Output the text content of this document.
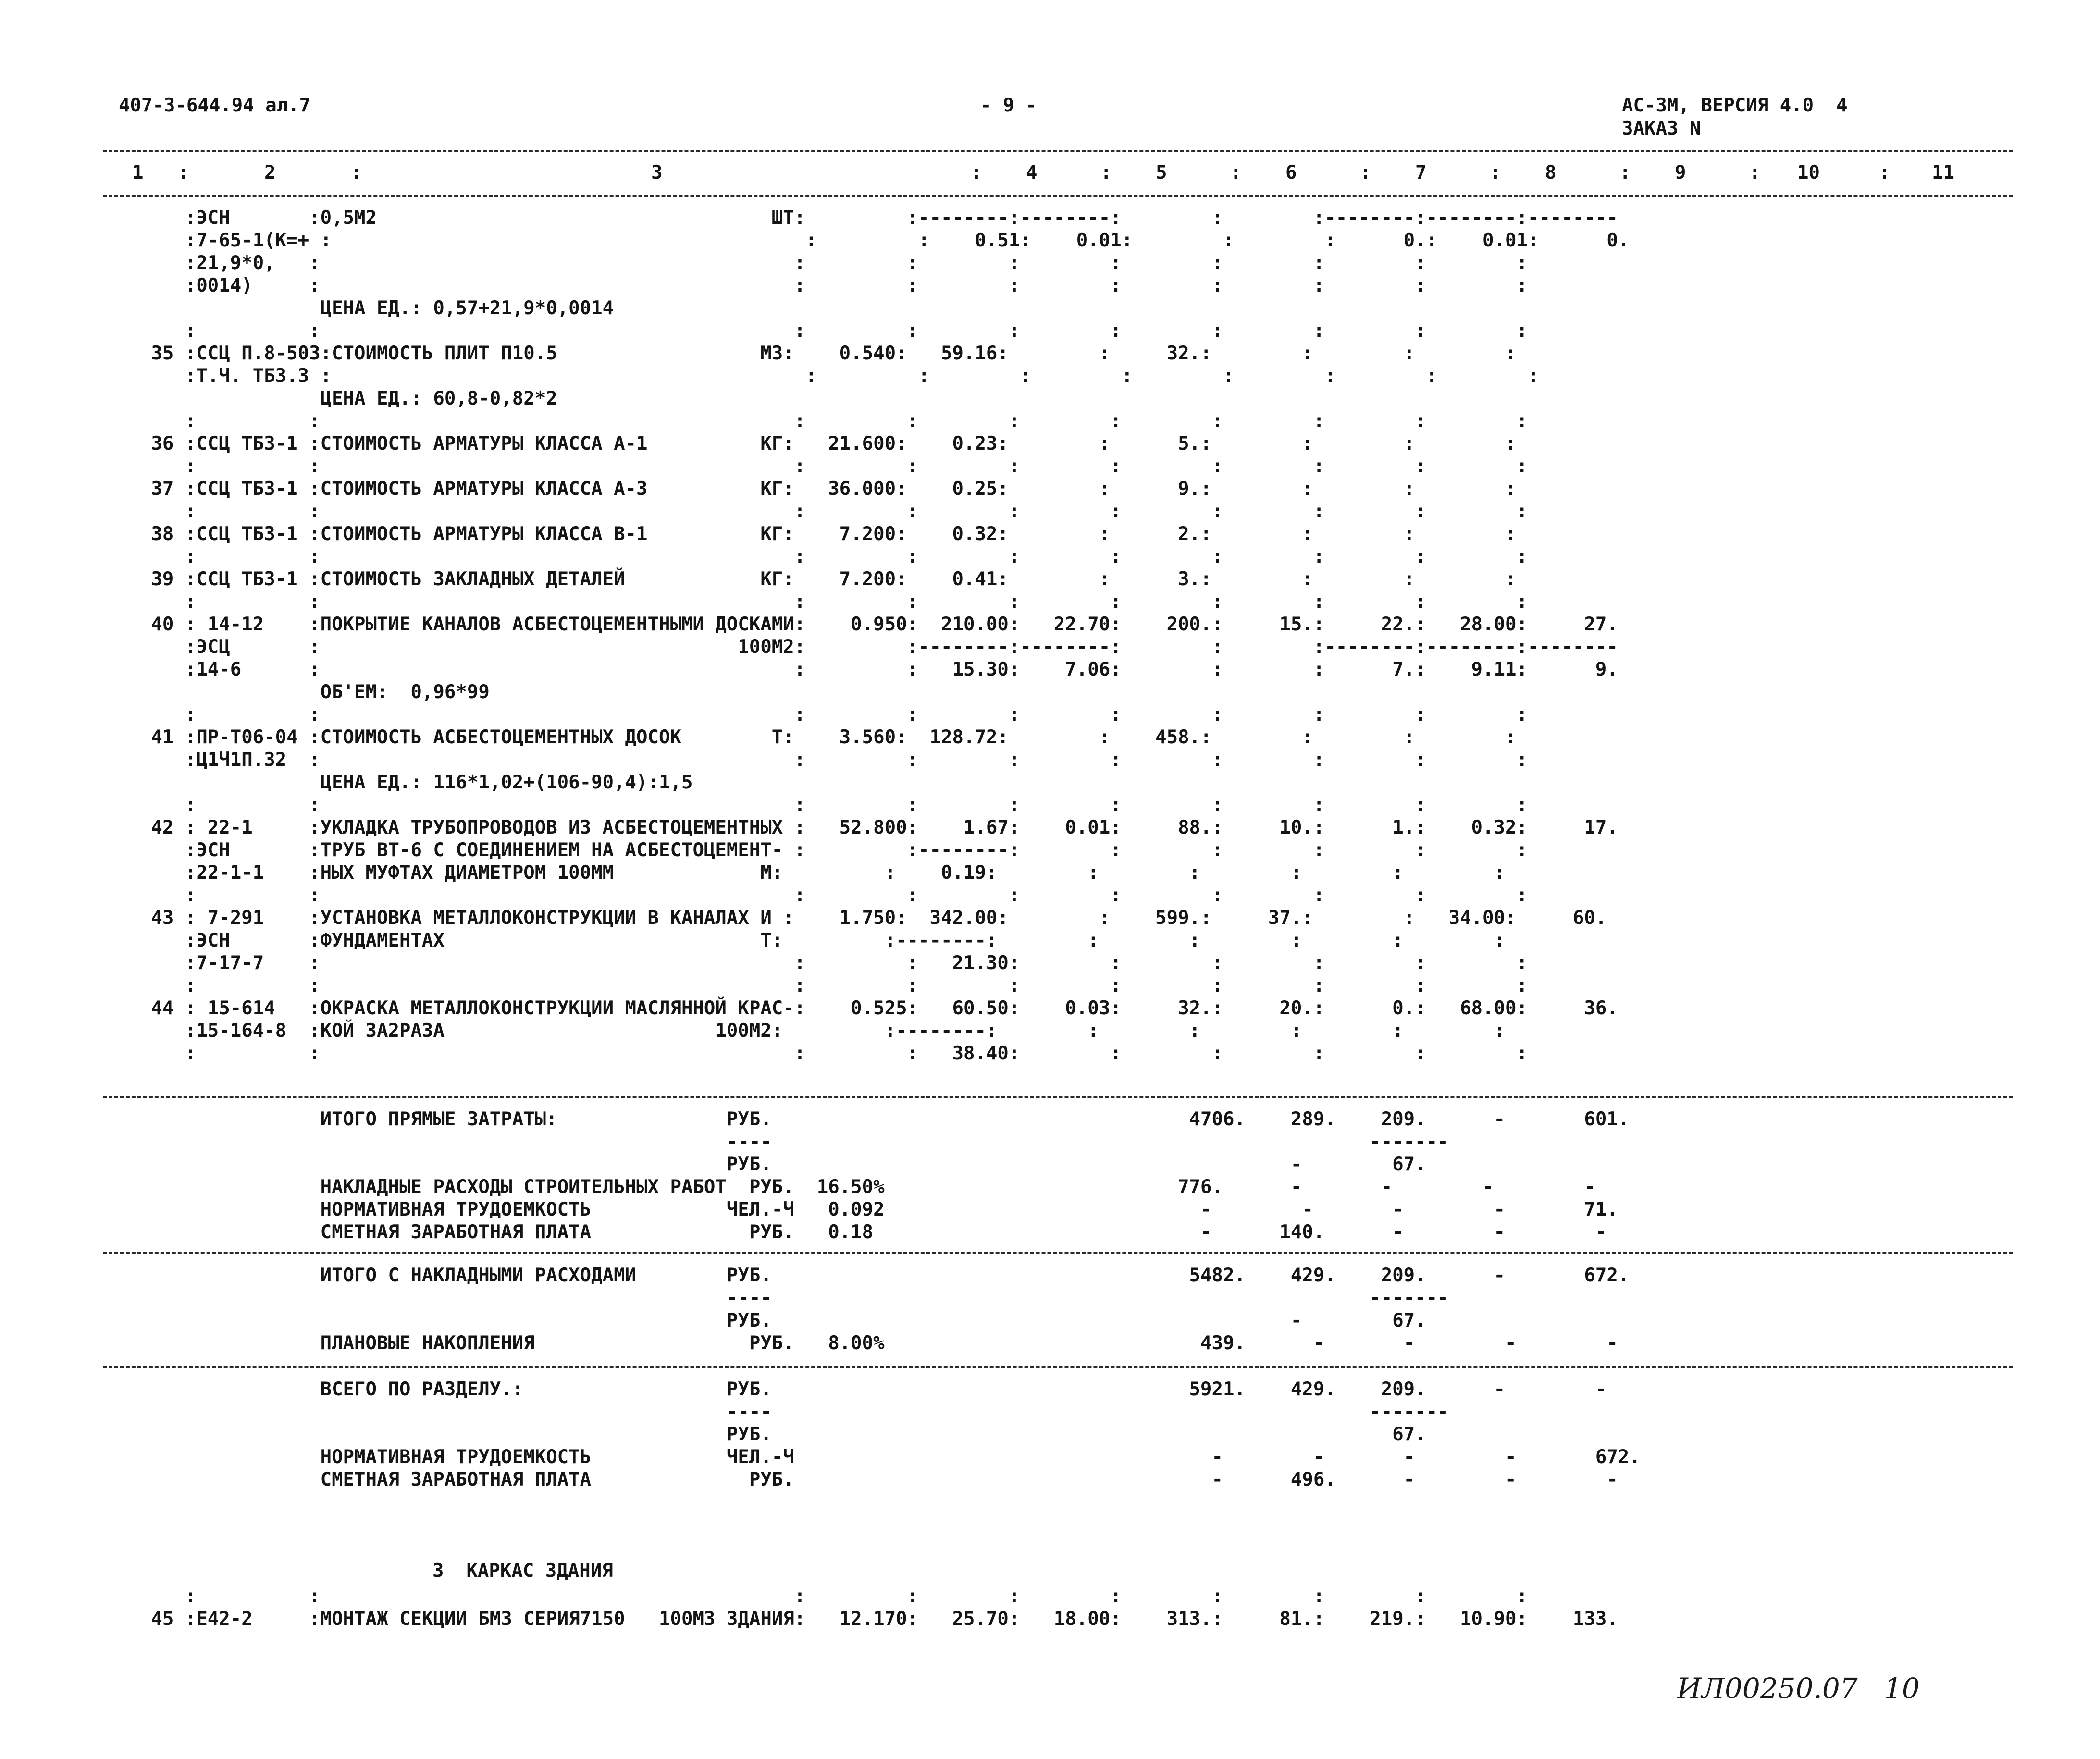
407-3-644.94 ал.7	- 9 -	АС-3М, ВЕРСИЯ 4.0  4
ЗАКАЗ N
1 :	2	:	3	: 4	: 5	: 6	: 7	: 8	: 9	: 10	: 11
:ЭСН       :0,5М2                                   ШТ:         :--------:--------:        :        :--------:--------:--------
:7-65-1(К=+ :                                          :         :    0.51:    0.01:        :        :      0.:    0.01:      0.
:21,9*0,   :                                          :         :        :        :        :        :        :        :
:0014)     :                                          :         :        :        :        :        :        :        :
ЦЕНА ЕД.: 0,57+21,9*0,0014
:          :                                          :         :        :        :        :        :        :        :
35 :ССЦ П.8-503:СТОИМОСТЬ ПЛИТ П10.5                  М3:    0.540:   59.16:        :     32.:        :        :        :
:Т.Ч. ТБ3.3 :                                          :         :        :        :        :        :        :        :
ЦЕНА ЕД.: 60,8-0,82*2
:          :                                          :         :        :        :        :        :        :        :
36 :ССЦ ТБ3-1 :СТОИМОСТЬ АРМАТУРЫ КЛАССА А-1          КГ:   21.600:    0.23:        :      5.:        :        :        :
:          :                                          :         :        :        :        :        :        :        :
37 :ССЦ ТБ3-1 :СТОИМОСТЬ АРМАТУРЫ КЛАССА А-3          КГ:   36.000:    0.25:        :      9.:        :        :        :
:          :                                          :         :        :        :        :        :        :        :
38 :ССЦ ТБ3-1 :СТОИМОСТЬ АРМАТУРЫ КЛАССА В-1          КГ:    7.200:    0.32:        :      2.:        :        :        :
:          :                                          :         :        :        :        :        :        :        :
39 :ССЦ ТБ3-1 :СТОИМОСТЬ ЗАКЛАДНЫХ ДЕТАЛЕЙ            КГ:    7.200:    0.41:        :      3.:        :        :        :
:          :                                          :         :        :        :        :        :        :        :
40 : 14-12    :ПОКРЫТИЕ КАНАЛОВ АСБЕСТОЦЕМЕНТНЫМИ ДОСКАМИ:    0.950:  210.00:   22.70:    200.:     15.:     22.:   28.00:     27.
:ЭСЦ       :                                     100М2:         :--------:--------:        :        :--------:--------:--------
:14-6      :                                          :         :   15.30:    7.06:        :        :      7.:    9.11:      9.
ОБ'ЕМ:  0,96*99
:          :                                          :         :        :        :        :        :        :        :
41 :ПР-Т06-04 :СТОИМОСТЬ АСБЕСТОЦЕМЕНТНЫХ ДОСОК        Т:    3.560:  128.72:        :    458.:        :        :        :
:Ц1Ч1П.32  :                                          :         :        :        :        :        :        :        :
ЦЕНА ЕД.: 116*1,02+(106-90,4):1,5
:          :                                          :         :        :        :        :        :        :        :
42 : 22-1     :УКЛАДКА ТРУБОПРОВОДОВ ИЗ АСБЕСТОЦЕМЕНТНЫХ :   52.800:    1.67:    0.01:     88.:     10.:      1.:    0.32:     17.
:ЭСН       :ТРУБ ВТ-6 С СОЕДИНЕНИЕМ НА АСБЕСТОЦЕМЕНТ- :         :--------:        :        :        :        :        :
:22-1-1    :НЫХ МУФТАХ ДИАМЕТРОМ 100ММ             М:         :    0.19:        :        :        :        :        :
:          :                                          :         :        :        :        :        :        :        :
43 : 7-291    :УСТАНОВКА МЕТАЛЛОКОНСТРУКЦИИ В КАНАЛАХ И :    1.750:  342.00:        :    599.:     37.:        :   34.00:     60.
:ЭСН       :ФУНДАМЕНТАХ                            Т:         :--------:        :        :        :        :        :
:7-17-7    :                                          :         :   21.30:        :        :        :        :        :
:          :                                          :         :        :        :        :        :        :        :
44 : 15-614   :ОКРАСКА МЕТАЛЛОКОНСТРУКЦИИ МАСЛЯННОЙ КРАС-:    0.525:   60.50:    0.03:     32.:     20.:      0.:   68.00:     36.
:15-164-8  :КОЙ ЗА2РАЗА                        100М2:         :--------:        :        :        :        :        :
:          :                                          :         :   38.40:        :        :        :        :        :
ИТОГО ПРЯМЫЕ ЗАТРАТЫ:               РУБ.                                     4706.    289.    209.      -       601.
----                                                     -------
РУБ.                                              -        67.
НАКЛАДНЫЕ РАСХОДЫ СТРОИТЕЛЬНЫХ РАБОТ  РУБ.  16.50%                          776.      -       -        -        -
НОРМАТИВНАЯ ТРУДОЕМКОСТЬ            ЧЕЛ.-Ч   0.092                            -        -       -        -       71.
СМЕТНАЯ ЗАРАБОТНАЯ ПЛАТА              РУБ.   0.18                             -      140.      -        -        -
ИТОГО С НАКЛАДНЫМИ РАСХОДАМИ        РУБ.                                     5482.    429.    209.      -       672.
----                                                     -------
РУБ.                                              -        67.
ПЛАНОВЫЕ НАКОПЛЕНИЯ                   РУБ.   8.00%                            439.      -       -        -        -
ВСЕГО ПО РАЗДЕЛУ.:                  РУБ.                                     5921.    429.    209.      -        -
----                                                     -------
РУБ.                                                       67.
НОРМАТИВНАЯ ТРУДОЕМКОСТЬ            ЧЕЛ.-Ч                                     -        -       -        -       672.
СМЕТНАЯ ЗАРАБОТНАЯ ПЛАТА              РУБ.                                     -      496.      -        -        -
3  КАРКАС ЗДАНИЯ
:          :                                          :         :        :        :        :        :        :        :
45 :Е42-2     :МОНТАЖ СЕКЦИИ БМ3 СЕРИЯ7150   100М3 ЗДАНИЯ:   12.170:   25.70:   18.00:    313.:     81.:    219.:   10.90:    133.
ИЛ00250.07   10
